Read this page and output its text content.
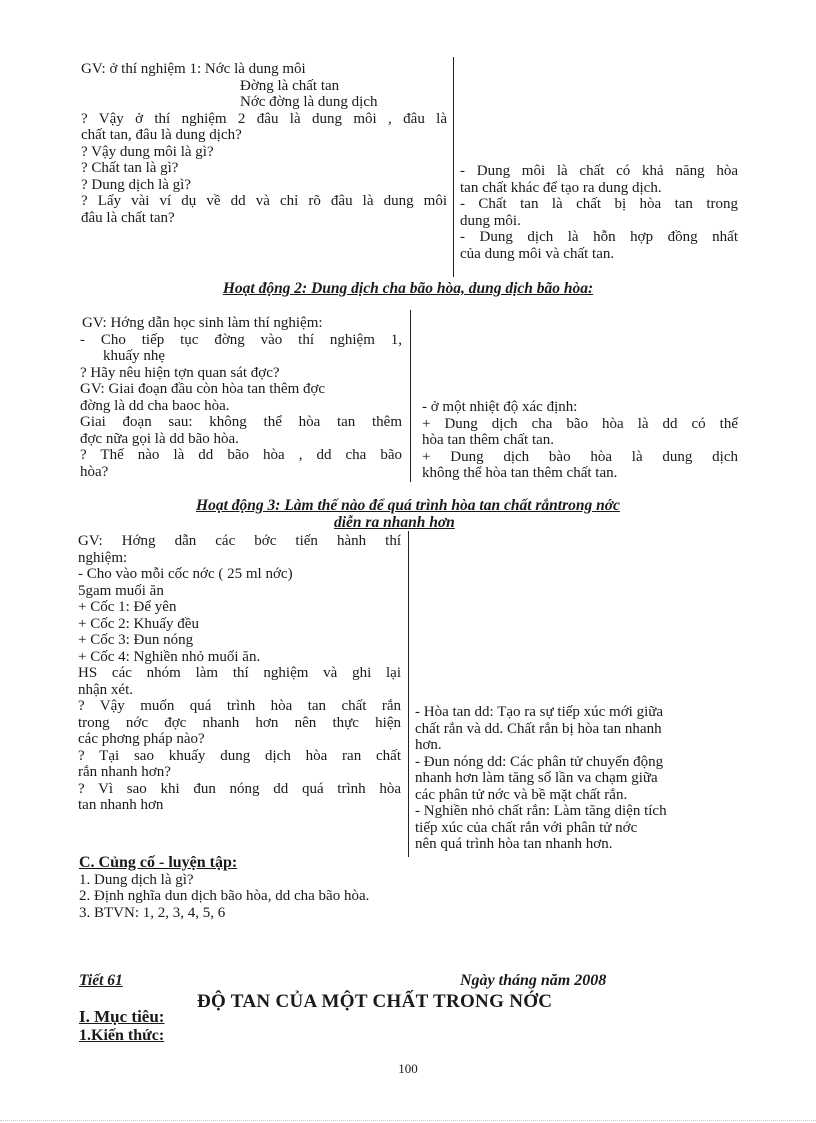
GV: ở thí nghiệm 1: Nớc là dung môi
Đờng là chất tan
Nớc đờng là dung dịch
? Vậy ở thí nghiệm 2 đâu là dung môi , đâu là
chất tan, đâu là dung dịch?
? Vậy dung môi là gì?
? Chất tan là gì?
? Dung dịch là gì?
? Lấy vài ví dụ về dd và chỉ rõ đâu là dung môi
đâu là chất tan?
- Dung môi là chất có khả năng hòa
tan chất khác để tạo ra dung dịch.
- Chất tan là chất bị hòa tan trong
dung môi.
- Dung dịch là hỗn hợp đồng nhất
của dung môi và chất tan.
Hoạt động 2: Dung dịch cha bão hòa, dung dịch bão hòa:
GV: Hớng dẫn học sinh làm thí nghiệm:
- Cho tiếp tục đờng vào thí nghiệm 1,
khuấy nhẹ
? Hãy nêu hiện tợn quan sát đợc?
GV: Giai đoạn đầu còn hòa tan thêm đợc
đờng là dd cha baoc hòa.
Giai đoạn sau: không thể hòa tan thêm
đợc nữa gọi là dd bão hòa.
? Thế nào là dd bão hòa , dd cha bão
hòa?
- ở một nhiệt độ xác định:
+ Dung dịch cha bão hòa là dd có thể
hòa tan thêm chất tan.
+ Dung dịch bào hòa là dung dịch
không thể hòa tan thêm chất tan.
Hoạt động 3: Làm thế nào để quá trình hòa tan chất rắntrong nớc
diễn ra nhanh hơn
GV: Hớng dẫn các bớc tiến hành thí
nghiệm:
- Cho vào mỗi cốc nớc ( 25 ml nớc)
5gam muối ăn
+ Cốc 1: Để yên
+ Cốc 2: Khuấy đều
+ Cốc 3: Đun nóng
+ Cốc 4: Nghiền nhỏ muối ăn.
HS các nhóm làm thí nghiệm và ghi lại
nhận xét.
? Vậy muốn quá trình hòa tan chất rắn
trong nớc đợc nhanh hơn nên thực hiện
các phơng pháp nào?
? Tại sao khuấy dung dịch hòa ran chất
rắn nhanh hơn?
? Vì sao khi đun nóng dd quá trình hòa
tan nhanh hơn
- Hòa tan dd: Tạo ra sự tiếp xúc mới giữa
chất rắn và dd. Chất rắn bị hòa tan nhanh
hơn.
- Đun nóng dd: Các phân tử chuyển động
nhanh hơn làm tăng số lần va chạm giữa
các phân tử nớc và bề mặt chất rắn.
- Nghiền nhỏ chất rắn: Làm tăng diện tích
tiếp xúc của chất rắn với phân tử nớc
nên quá trình hòa tan nhanh hơn.
C. Củng cố - luyện tập:
1. Dung dịch là gì?
2. Định nghĩa dun dịch bão hòa, dd cha bão hòa.
3. BTVN: 1, 2, 3, 4, 5, 6
Tiết 61	Ngày tháng năm 2008
ĐỘ TAN CỦA MỘT CHẤT TRONG NỚC
I. Mục tiêu:
1.Kiến thức:
100
